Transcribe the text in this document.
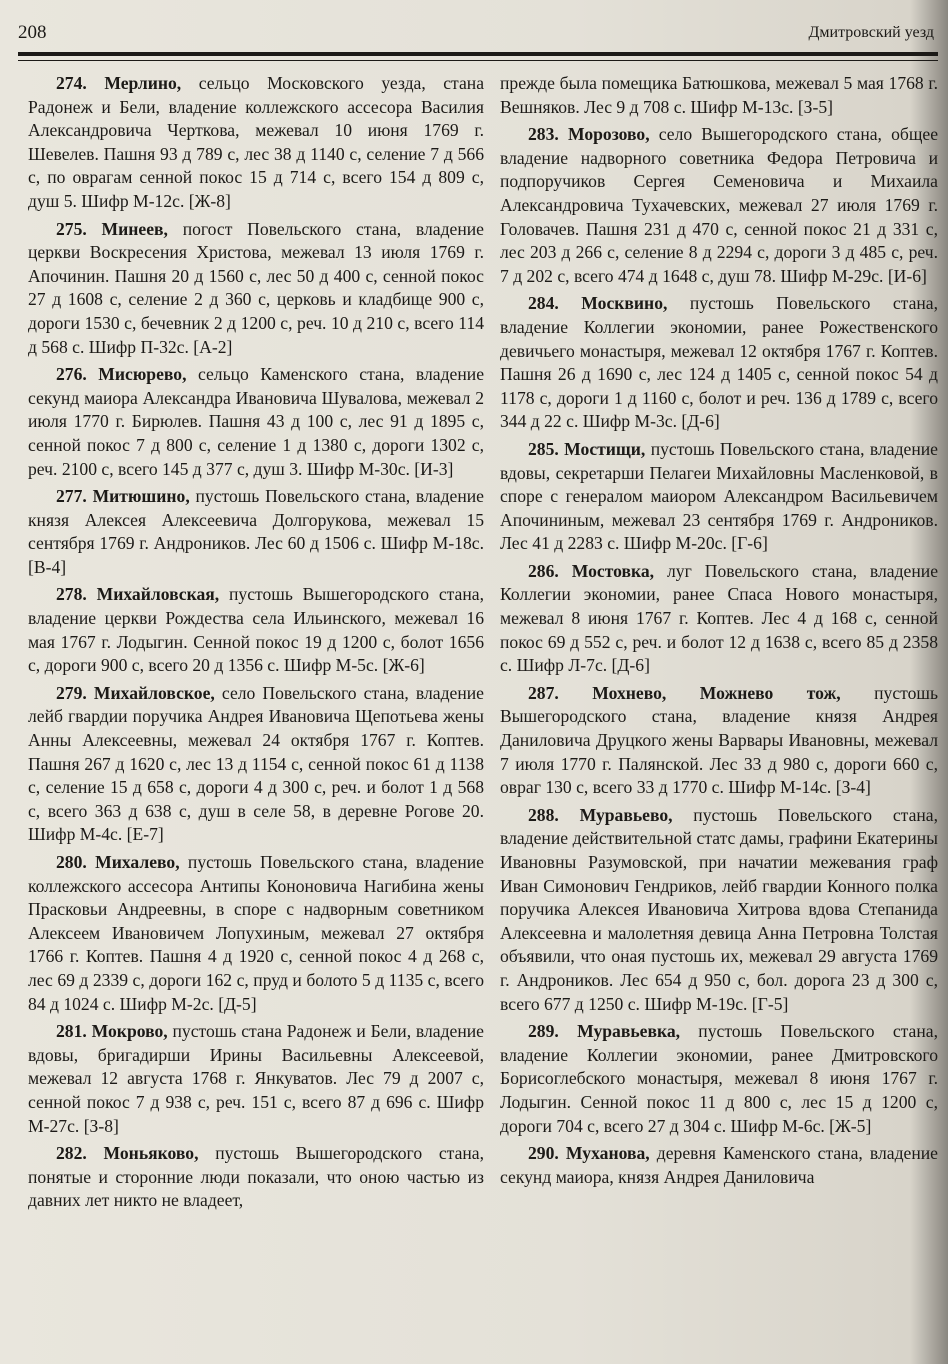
208	Дмитровский уезд

274. Мерлино, сельцо Московского уезда, стана Радонеж и Бели, владение коллежского ассесора Василия Александровича Черткова, межевал 10 июня 1769 г. Шевелев. Пашня 93 д 789 с, лес 38 д 1140 с, селение 7 д 566 с, по оврагам сенной покос 15 д 714 с, всего 154 д 809 с, душ 5. Шифр М-12с. [Ж-8]

275. Минеев, погост Повельского стана, владение церкви Воскресения Христова, межевал 13 июля 1769 г. Апочинин. Пашня 20 д 1560 с, лес 50 д 400 с, сенной покос 27 д 1608 с, селение 2 д 360 с, церковь и кладбище 900 с, дороги 1530 с, бечевник 2 д 1200 с, реч. 10 д 210 с, всего 114 д 568 с. Шифр П-32с. [А-2]

276. Мисюрево, сельцо Каменского стана, владение секунд маиора Александра Ивановича Шувалова, межевал 2 июля 1770 г. Бирюлев. Пашня 43 д 100 с, лес 91 д 1895 с, сенной покос 7 д 800 с, селение 1 д 1380 с, дороги 1302 с, реч. 2100 с, всего 145 д 377 с, душ 3. Шифр М-30с. [И-3]

277. Митюшино, пустошь Повельского стана, владение князя Алексея Алексеевича Долгорукова, межевал 15 сентября 1769 г. Андроников. Лес 60 д 1506 с. Шифр М-18с. [В-4]

278. Михайловская, пустошь Вышегородского стана, владение церкви Рождества села Ильинского, межевал 16 мая 1767 г. Лодыгин. Сенной покос 19 д 1200 с, болот 1656 с, дороги 900 с, всего 20 д 1356 с. Шифр М-5с. [Ж-6]

279. Михайловское, село Повельского стана, владение лейб гвардии поручика Андрея Ивановича Щепотьева жены Анны Алексеевны, межевал 24 октября 1767 г. Коптев. Пашня 267 д 1620 с, лес 13 д 1154 с, сенной покос 61 д 1138 с, селение 15 д 658 с, дороги 4 д 300 с, реч. и болот 1 д 568 с, всего 363 д 638 с, душ в селе 58, в деревне Рогове 20. Шифр М-4с. [Е-7]

280. Михалево, пустошь Повельского стана, владение коллежского ассесора Антипы Кононовича Нагибина жены Прасковьи Андреевны, в споре с надворным советником Алексеем Ивановичем Лопухиным, межевал 27 октября 1766 г. Коптев. Пашня 4 д 1920 с, сенной покос 4 д 268 с, лес 69 д 2339 с, дороги 162 с, пруд и болото 5 д 1135 с, всего 84 д 1024 с. Шифр М-2с. [Д-5]

281. Мокрово, пустошь стана Радонеж и Бели, владение вдовы, бригадирши Ирины Васильевны Алексеевой, межевал 12 августа 1768 г. Янкуватов. Лес 79 д 2007 с, сенной покос 7 д 938 с, реч. 151 с, всего 87 д 696 с. Шифр М-27с. [З-8]

282. Моньяково, пустошь Вышегородского стана, понятые и сторонние люди показали, что оною частью из давних лет никто не владеет,

прежде была помещика Батюшкова, межевал 5 мая 1768 г. Вешняков. Лес 9 д 708 с. Шифр М-13с. [З-5]

283. Морозово, село Вышегородского стана, общее владение надворного советника Федора Петровича и подпоручиков Сергея Семеновича и Михаила Александровича Тухачевских, межевал 27 июля 1769 г. Головачев. Пашня 231 д 470 с, сенной покос 21 д 331 с, лес 203 д 266 с, селение 8 д 2294 с, дороги 3 д 485 с, реч. 7 д 202 с, всего 474 д 1648 с, душ 78. Шифр М-29с. [И-6]

284. Москвино, пустошь Повельского стана, владение Коллегии экономии, ранее Рожественского девичьего монастыря, межевал 12 октября 1767 г. Коптев. Пашня 26 д 1690 с, лес 124 д 1405 с, сенной покос 54 д 1178 с, дороги 1 д 1160 с, болот и реч. 136 д 1789 с, всего 344 д 22 с. Шифр М-3с. [Д-6]

285. Мостищи, пустошь Повельского стана, владение вдовы, секретарши Пелагеи Михайловны Масленковой, в споре с генералом маиором Александром Васильевичем Апочининым, межевал 23 сентября 1769 г. Андроников. Лес 41 д 2283 с. Шифр М-20с. [Г-6]

286. Мостовка, луг Повельского стана, владение Коллегии экономии, ранее Спаса Нового монастыря, межевал 8 июня 1767 г. Коптев. Лес 4 д 168 с, сенной покос 69 д 552 с, реч. и болот 12 д 1638 с, всего 85 д 2358 с. Шифр Л-7с. [Д-6]

287. Мохнево, Можнево тож, пустошь Вышегородского стана, владение князя Андрея Даниловича Друцкого жены Варвары Ивановны, межевал 7 июля 1770 г. Палянской. Лес 33 д 980 с, дороги 660 с, овраг 130 с, всего 33 д 1770 с. Шифр М-14с. [З-4]

288. Муравьево, пустошь Повельского стана, владение действительной статс дамы, графини Екатерины Ивановны Разумовской, при начатии межевания граф Иван Симонович Гендриков, лейб гвардии Конного полка поручика Алексея Ивановича Хитрова вдова Степанида Алексеевна и малолетняя девица Анна Петровна Толстая объявили, что оная пустошь их, межевал 29 августа 1769 г. Андроников. Лес 654 д 950 с, бол. дорога 23 д 300 с, всего 677 д 1250 с. Шифр М-19с. [Г-5]

289. Муравьевка, пустошь Повельского стана, владение Коллегии экономии, ранее Дмитровского Борисоглебского монастыря, межевал 8 июня 1767 г. Лодыгин. Сенной покос 11 д 800 с, лес 15 д 1200 с, дороги 704 с, всего 27 д 304 с. Шифр М-6с. [Ж-5]

290. Муханова, деревня Каменского стана, владение секунд маиора, князя Андрея Даниловича
